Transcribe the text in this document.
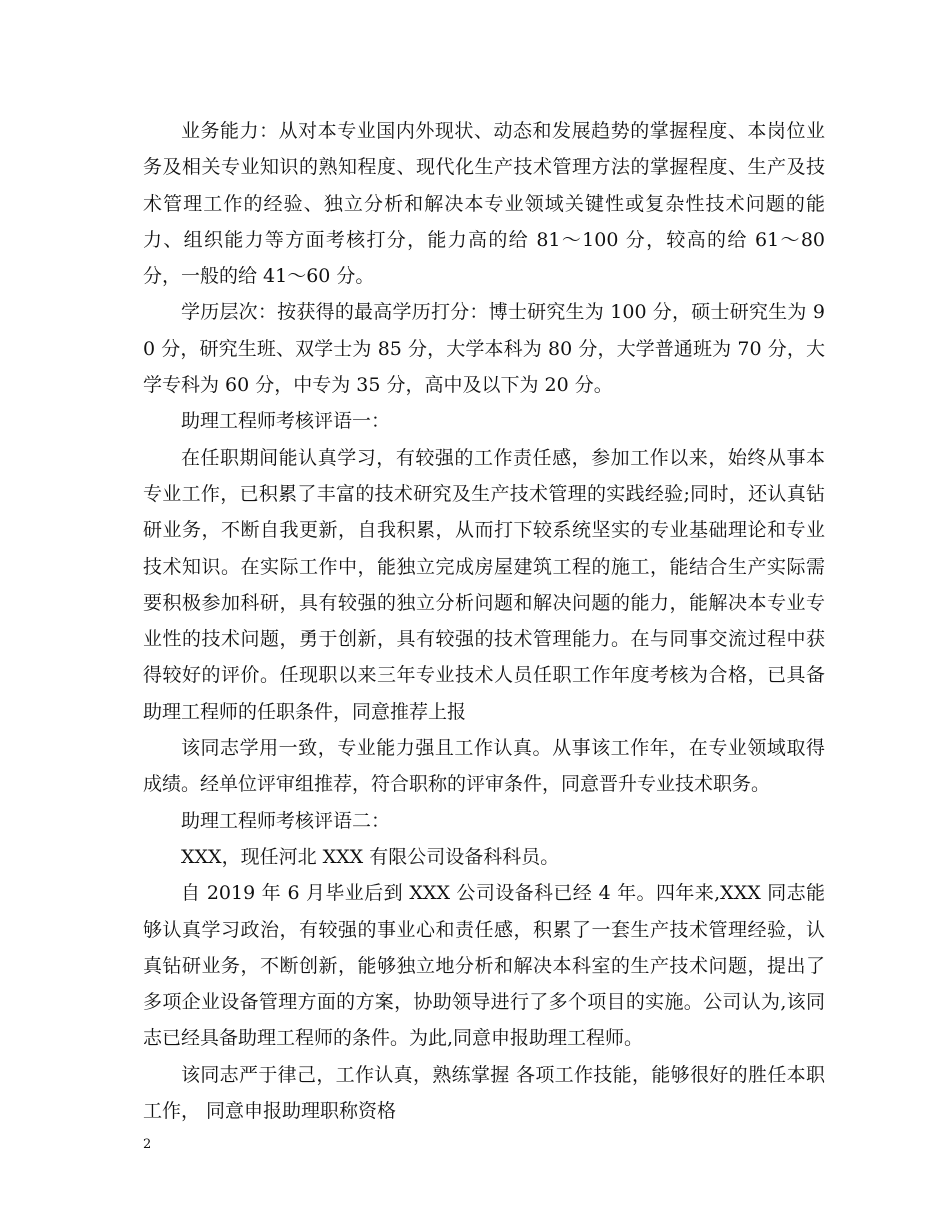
业务能力：从对本专业国内外现状、动态和发展趋势的掌握程度、本岗位业务及相关专业知识的熟知程度、现代化生产技术管理方法的掌握程度、生产及技术管理工作的经验、独立分析和解决本专业领域关键性或复杂性技术问题的能力、组织能力等方面考核打分，能力高的给 81～100 分，较高的给 61～80 分，一般的给 41～60 分。

学历层次：按获得的最高学历打分：博士研究生为 100 分，硕士研究生为 90 分，研究生班、双学士为 85 分，大学本科为 80 分，大学普通班为 70 分，大学专科为 60 分，中专为 35 分，高中及以下为 20 分。

助理工程师考核评语一：

在任职期间能认真学习，有较强的工作责任感，参加工作以来，始终从事本专业工作，已积累了丰富的技术研究及生产技术管理的实践经验;同时，还认真钻研业务，不断自我更新，自我积累，从而打下较系统坚实的专业基础理论和专业技术知识。在实际工作中，能独立完成房屋建筑工程的施工，能结合生产实际需要积极参加科研，具有较强的独立分析问题和解决问题的能力，能解决本专业专业性的技术问题，勇于创新，具有较强的技术管理能力。在与同事交流过程中获得较好的评价。任现职以来三年专业技术人员任职工作年度考核为合格，已具备助理工程师的任职条件，同意推荐上报

该同志学用一致，专业能力强且工作认真。从事该工作年，在专业领域取得成绩。经单位评审组推荐，符合职称的评审条件，同意晋升专业技术职务。

助理工程师考核评语二：

XXX，现任河北 XXX 有限公司设备科科员。

自 2019 年 6 月毕业后到 XXX 公司设备科已经 4 年。四年来,XXX 同志能够认真学习政治，有较强的事业心和责任感，积累了一套生产技术管理经验，认真钻研业务，不断创新，能够独立地分析和解决本科室的生产技术问题，提出了多项企业设备管理方面的方案，协助领导进行了多个项目的实施。公司认为,该同志已经具备助理工程师的条件。为此,同意申报助理工程师。

该同志严于律己，工作认真，熟练掌握 各项工作技能，能够很好的胜任本职工作， 同意申报助理职称资格

2
